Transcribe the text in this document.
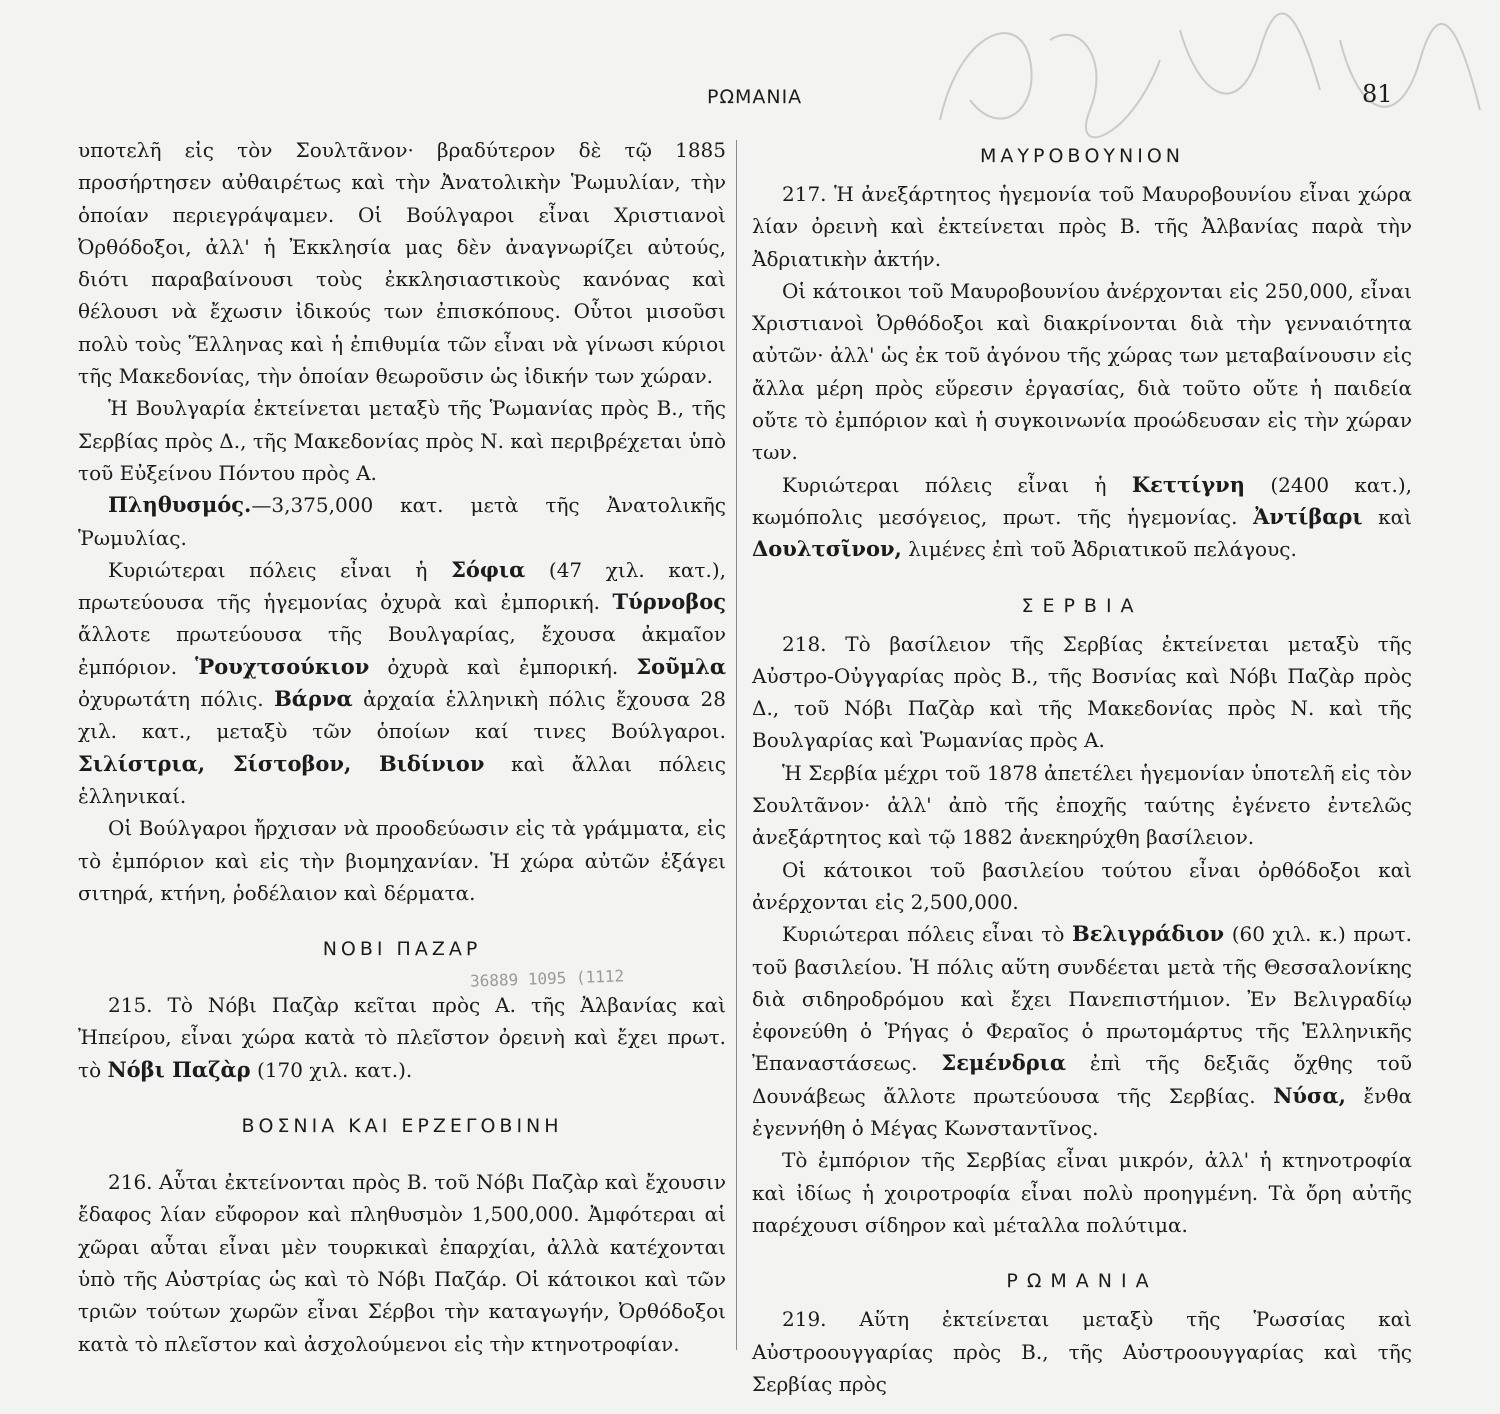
ΡΩΜΑΝΙΑ	81

υποτελῆ εἰς τὸν Σουλτᾶνον· βραδύτερον δὲ τῷ 1885 προσήρτησεν αὐθαιρέτως καὶ τὴν Ἀνατολικὴν Ῥωμυλίαν, τὴν ὁποίαν περιεγράψαμεν. Οἱ Βούλγαροι εἶναι Χριστιανοὶ Ὀρθόδοξοι, ἀλλ' ἡ Ἐκκλησία μας δὲν ἀναγνωρίζει αὐτούς, διότι παραβαίνουσι τοὺς ἐκκλησιαστικοὺς κανόνας καὶ θέλουσι νὰ ἔχωσιν ἰδικούς των ἐπισκόπους. Οὗτοι μισοῦσι πολὺ τοὺς Ἕλληνας καὶ ἡ ἐπιθυμία τῶν εἶναι νὰ γίνωσι κύριοι τῆς Μακεδονίας, τὴν ὁποίαν θεωροῦσιν ὡς ἰδικήν των χώραν.

Ἡ Βουλγαρία ἐκτείνεται μεταξὺ τῆς Ῥωμανίας πρὸς Β., τῆς Σερβίας πρὸς Δ., τῆς Μακεδονίας πρὸς Ν. καὶ περιβρέχεται ὑπὸ τοῦ Εὐξείνου Πόντου πρὸς Α.

Πληθυσμός.—3,375,000 κατ. μετὰ τῆς Ἀνατολικῆς Ῥωμυλίας.

Κυριώτεραι πόλεις εἶναι ἡ Σόφια (47 χιλ. κατ.), πρωτεύουσα τῆς ἡγεμονίας ὀχυρὰ καὶ ἐμπορική. Τύρνοβος ἄλλοτε πρωτεύουσα τῆς Βουλγαρίας, ἔχουσα ἀκμαῖον ἐμπόριον. Ῥουχτσούκιον ὀχυρὰ καὶ ἐμπορική. Σοῦμλα ὀχυρωτάτη πόλις. Βάρνα ἀρχαία ἑλληνικὴ πόλις ἔχουσα 28 χιλ. κατ., μεταξὺ τῶν ὁποίων καί τινες Βούλγαροι. Σιλίστρια, Σίστοβον, Βιδίνιον καὶ ἄλλαι πόλεις ἑλληνικαί.

Οἱ Βούλγαροι ἤρχισαν νὰ προοδεύωσιν εἰς τὰ γράμματα, εἰς τὸ ἐμπόριον καὶ εἰς τὴν βιομηχανίαν. Ἡ χώρα αὐτῶν ἐξάγει σιτηρά, κτήνη, ῥοδέλαιον καὶ δέρματα.

ΝΟΒΙ ΠΑΖΑΡ

215. Τὸ Νόβι Παζὰρ κεῖται πρὸς Α. τῆς Ἀλβανίας καὶ Ἠπείρου, εἶναι χώρα κατὰ τὸ πλεῖστον ὀρεινὴ καὶ ἔχει πρωτ. τὸ Νόβι Παζὰρ (170 χιλ. κατ.).

ΒΟΣΝΙΑ ΚΑΙ ΕΡΖΕΓΟΒΙΝΗ

216. Αὗται ἐκτείνονται πρὸς Β. τοῦ Νόβι Παζὰρ καὶ ἔχουσιν ἔδαφος λίαν εὔφορον καὶ πληθυσμὸν 1,500,000. Ἀμφότεραι αἱ χῶραι αὗται εἶναι μὲν τουρκικαὶ ἐπαρχίαι, ἀλλὰ κατέχονται ὑπὸ τῆς Αὐστρίας ὡς καὶ τὸ Νόβι Παζάρ. Οἱ κάτοικοι καὶ τῶν τριῶν τούτων χωρῶν εἶναι Σέρβοι τὴν καταγωγήν, Ὀρθόδοξοι κατὰ τὸ πλεῖστον καὶ ἀσχολούμενοι εἰς τὴν κτηνοτροφίαν.

36889 1095 (1112
ΜΑΥΡΟΒΟΥΝΙΟΝ

217. Ἡ ἀνεξάρτητος ἡγεμονία τοῦ Μαυροβουνίου εἶναι χώρα λίαν ὀρεινὴ καὶ ἐκτείνεται πρὸς Β. τῆς Ἀλβανίας παρὰ τὴν Ἀδριατικὴν ἀκτήν.

Οἱ κάτοικοι τοῦ Μαυροβουνίου ἀνέρχονται εἰς 250,000, εἶναι Χριστιανοὶ Ὀρθόδοξοι καὶ διακρίνονται διὰ τὴν γενναιότητα αὐτῶν· ἀλλ' ὡς ἐκ τοῦ ἀγόνου τῆς χώρας των μεταβαίνουσιν εἰς ἄλλα μέρη πρὸς εὕρεσιν ἐργασίας, διὰ τοῦτο οὔτε ἡ παιδεία οὔτε τὸ ἐμπόριον καὶ ἡ συγκοινωνία προώδευσαν εἰς τὴν χώραν των.

Κυριώτεραι πόλεις εἶναι ἡ Κεττίγνη (2400 κατ.), κωμόπολις μεσόγειος, πρωτ. τῆς ἡγεμονίας. Ἀντίβαρι καὶ Δουλτσῖνον, λιμένες ἐπὶ τοῦ Ἀδριατικοῦ πελάγους.

ΣΕΡΒΙΑ

218. Τὸ βασίλειον τῆς Σερβίας ἐκτείνεται μεταξὺ τῆς Αὐστρο-Οὐγγαρίας πρὸς Β., τῆς Βοσνίας καὶ Νόβι Παζὰρ πρὸς Δ., τοῦ Νόβι Παζὰρ καὶ τῆς Μακεδονίας πρὸς Ν. καὶ τῆς Βουλγαρίας καὶ Ῥωμανίας πρὸς Α.

Ἡ Σερβία μέχρι τοῦ 1878 ἀπετέλει ἡγεμονίαν ὑποτελῆ εἰς τὸν Σουλτᾶνον· ἀλλ' ἀπὸ τῆς ἐποχῆς ταύτης ἐγένετο ἐντελῶς ἀνεξάρτητος καὶ τῷ 1882 ἀνεκηρύχθη βασίλειον.

Οἱ κάτοικοι τοῦ βασιλείου τούτου εἶναι ὀρθόδοξοι καὶ ἀνέρχονται εἰς 2,500,000.

Κυριώτεραι πόλεις εἶναι τὸ Βελιγράδιον (60 χιλ. κ.) πρωτ. τοῦ βασιλείου. Ἡ πόλις αὕτη συνδέεται μετὰ τῆς Θεσσαλονίκης διὰ σιδηροδρόμου καὶ ἔχει Πανεπιστήμιον. Ἐν Βελιγραδίῳ ἐφονεύθη ὁ Ῥήγας ὁ Φεραῖος ὁ πρωτομάρτυς τῆς Ἑλληνικῆς Ἐπαναστάσεως. Σεμένδρια ἐπὶ τῆς δεξιᾶς ὄχθης τοῦ Δουνάβεως ἄλλοτε πρωτεύουσα τῆς Σερβίας. Νύσα, ἔνθα ἐγεννήθη ὁ Μέγας Κωνσταντῖνος.

Τὸ ἐμπόριον τῆς Σερβίας εἶναι μικρόν, ἀλλ' ἡ κτηνοτροφία καὶ ἰδίως ἡ χοιροτροφία εἶναι πολὺ προηγμένη. Τὰ ὄρη αὐτῆς παρέχουσι σίδηρον καὶ μέταλλα πολύτιμα.

ΡΩΜΑΝΙΑ

219. Αὕτη ἐκτείνεται μεταξὺ τῆς Ῥωσσίας καὶ Αὐστροουγγαρίας πρὸς Β., τῆς Αὐστροουγγαρίας καὶ τῆς Σερβίας πρὸς
